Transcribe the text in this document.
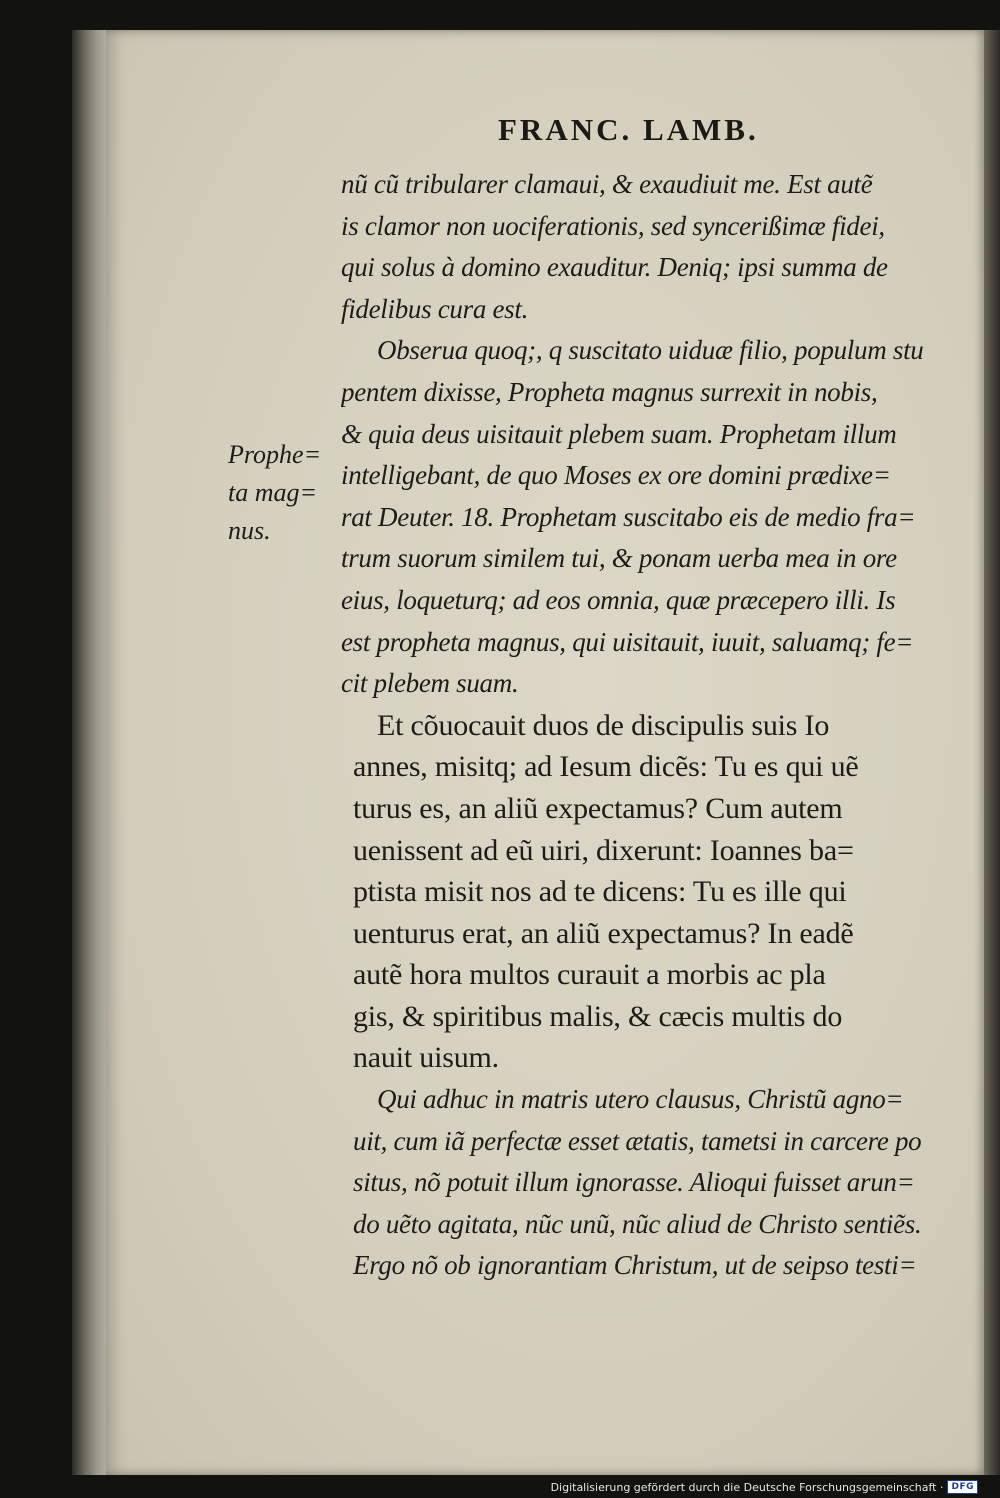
FRANC. LAMB.
Prophe=
ta mag=
nus.
nũ cũ tribularer clamaui, & exaudiuit me. Est autẽ
is clamor non uociferationis, sed syncerißimæ fidei,
qui solus à domino exauditur. Deniq; ipsi summa de
fidelibus cura est.
Obserua quoq;, q suscitato uiduæ filio, populum stu
pentem dixisse, Propheta magnus surrexit in nobis,
& quia deus uisitauit plebem suam. Prophetam illum
intelligebant, de quo Moses ex ore domini prædixe=
rat Deuter. 18. Prophetam suscitabo eis de medio fra=
trum suorum similem tui, & ponam uerba mea in ore
eius, loqueturq; ad eos omnia, quæ præcepero illi. Is
est propheta magnus, qui uisitauit, iuuit, saluamq; fe=
cit plebem suam.
Et cõuocauit duos de discipulis suis Io
annes, misitq; ad Iesum dicẽs: Tu es qui uẽ
turus es, an aliũ expectamus? Cum autem
uenissent ad eũ uiri, dixerunt: Ioannes ba=
ptista misit nos ad te dicens: Tu es ille qui
uenturus erat, an aliũ expectamus? In eadẽ
autẽ hora multos curauit a morbis ac pla
gis, & spiritibus malis, & cæcis multis do
nauit uisum.
Qui adhuc in matris utero clausus, Christũ agno=
uit, cum iã perfectæ esset ætatis, tametsi in carcere po
situs, nõ potuit illum ignorasse. Alioqui fuisset arun=
do uẽto agitata, nũc unũ, nũc aliud de Christo sentiẽs.
Ergo nõ ob ignorantiam Christum, ut de seipso testi=
Digitalisierung gefördert durch die Deutsche Forschungsgemeinschaft · DFG
